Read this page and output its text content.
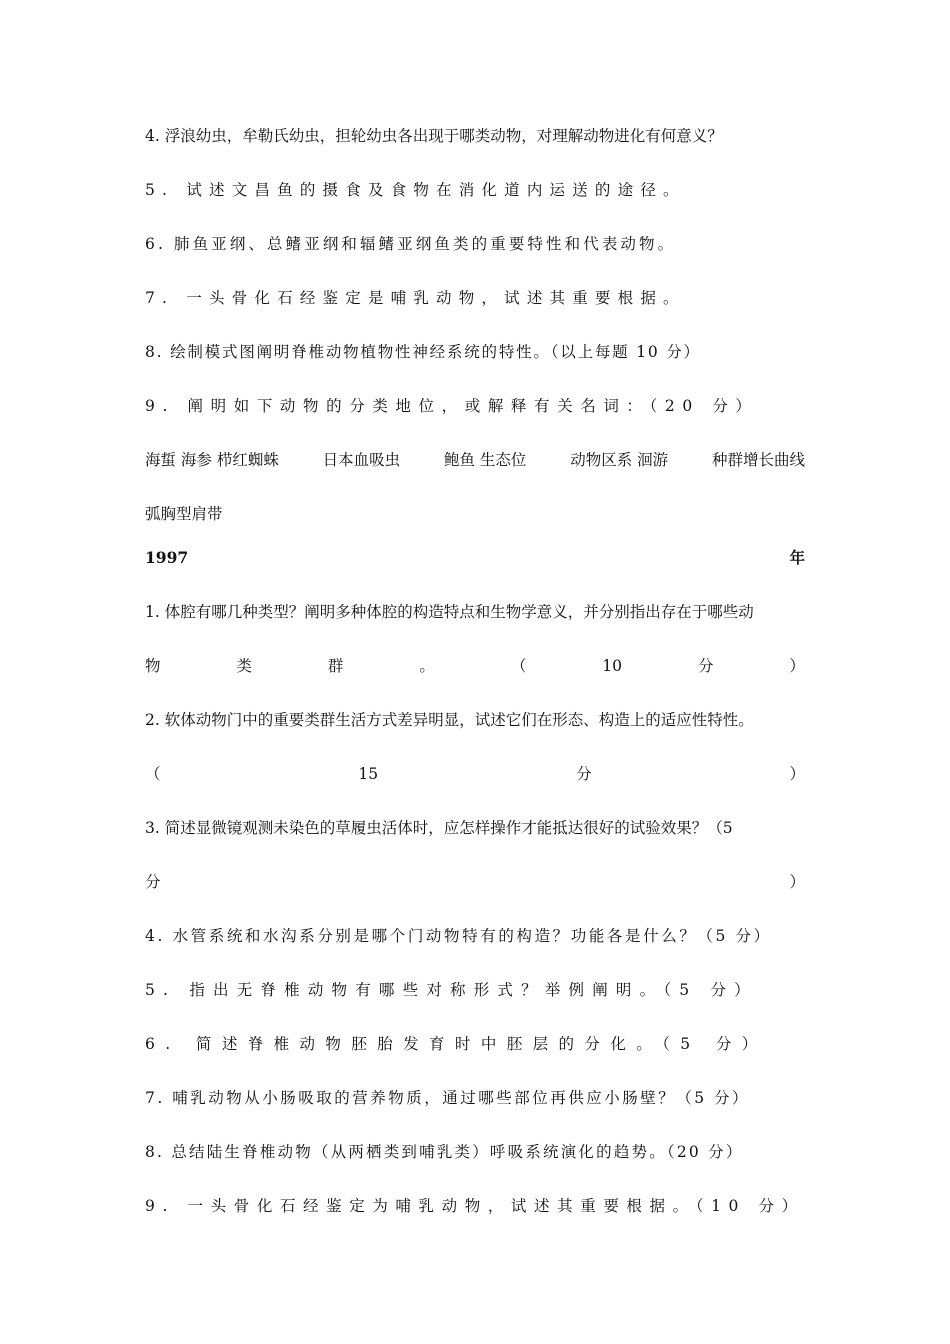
4. 浮浪幼虫，牟勒氏幼虫，担轮幼虫各出现于哪类动物，对理解动物进化有何意义？
5. 试述文昌鱼的摄食及食物在消化道内运送的途径。
6. 肺鱼亚纲、总鳍亚纲和辐鳍亚纲鱼类的重要特性和代表动物。
7. 一头骨化石经鉴定是哺乳动物，试述其重要根据。
8. 绘制模式图阐明脊椎动物植物性神经系统的特性。（以上每题 10 分）
9. 阐明如下动物的分类地位，或解释有关名词：（20 分）
海蜇 海参 栉红蜘蛛	日本血吸虫	鲍鱼 生态位	动物区系 洄游	种群增长曲线
弧胸型肩带
1997	年
1. 体腔有哪几种类型？阐明多种体腔的构造特点和生物学意义，并分别指出存在于哪些动
物	类	群	。	（	10	分	）
2. 软体动物门中的重要类群生活方式差异明显，试述它们在形态、构造上的适应性特性。
（	15	分	）
3. 简述显微镜观测未染色的草履虫活体时，应怎样操作才能抵达很好的试验效果？（5
分	）
4. 水管系统和水沟系分别是哪个门动物特有的构造？功能各是什么？（5 分）
5. 指出无脊椎动物有哪些对称形式？举例阐明。（5 分）
6. 简述脊椎动物胚胎发育时中胚层的分化。（5 分）
7. 哺乳动物从小肠吸取的营养物质，通过哪些部位再供应小肠壁？（5 分）
8. 总结陆生脊椎动物（从两栖类到哺乳类）呼吸系统演化的趋势。（20 分）
9. 一头骨化石经鉴定为哺乳动物，试述其重要根据。（10 分）
